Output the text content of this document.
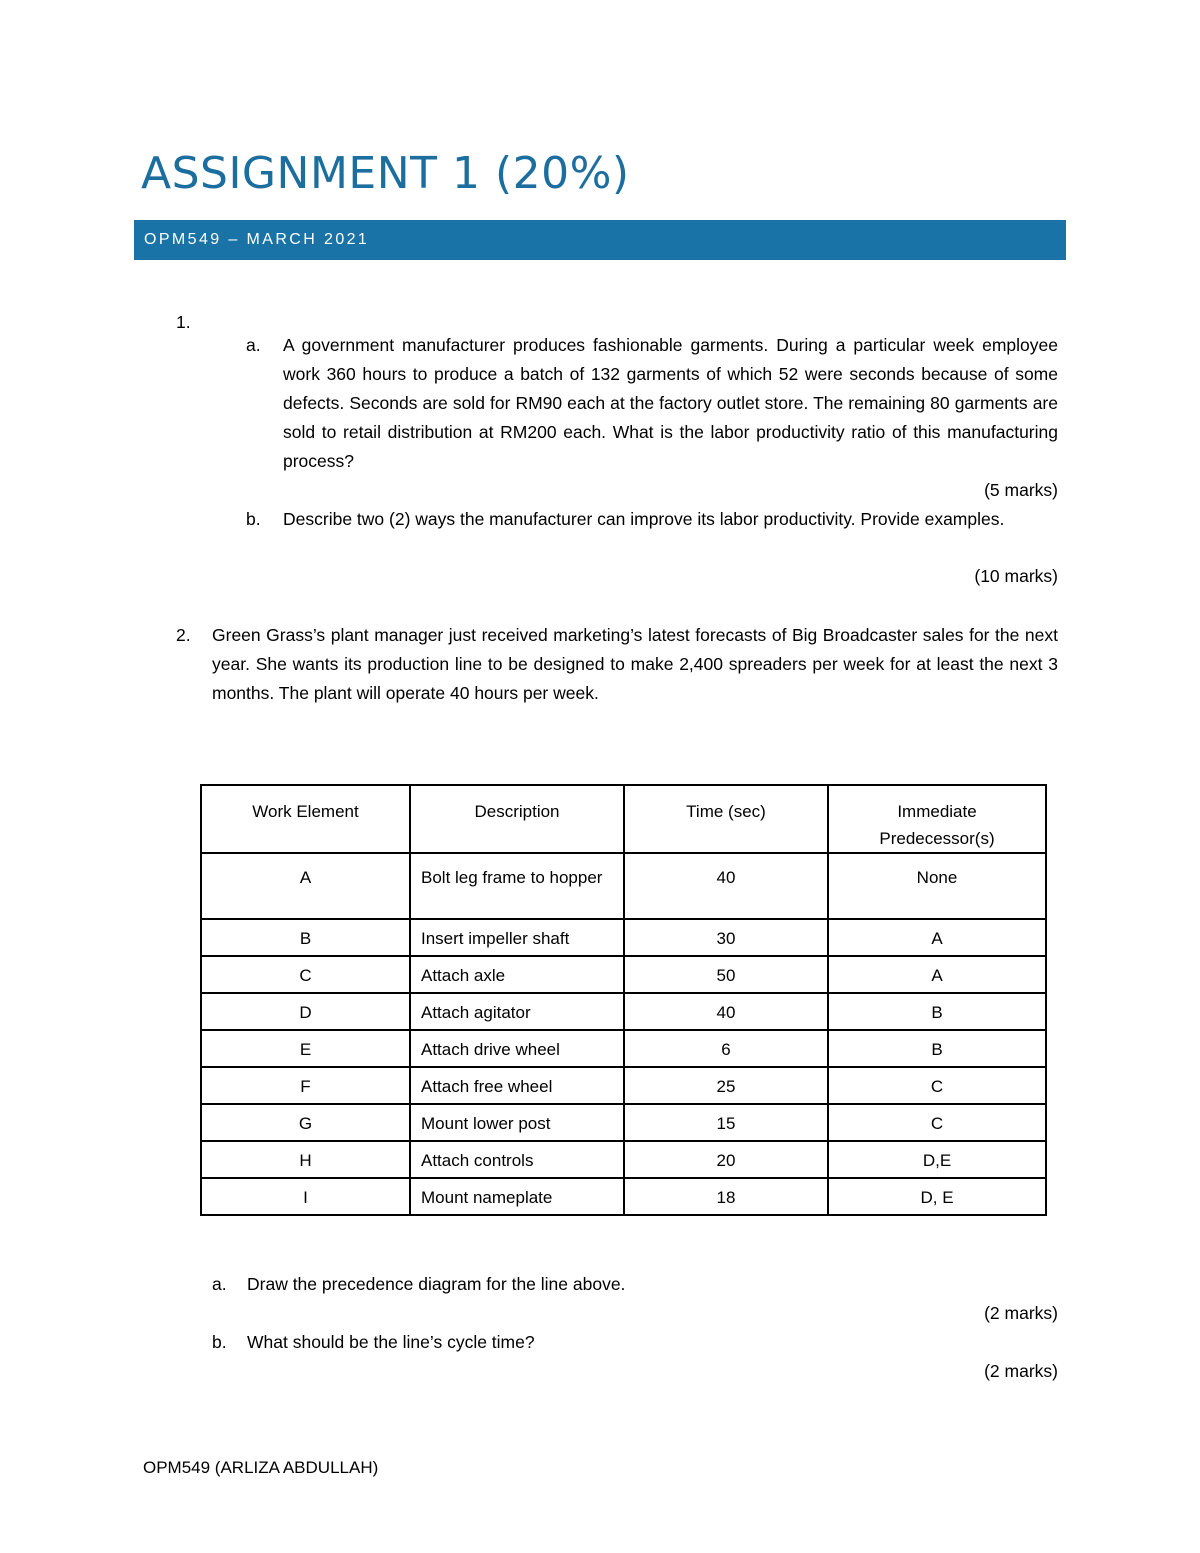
ASSIGNMENT 1 (20%)
OPM549 – MARCH 2021
1.
a. A government manufacturer produces fashionable garments. During a particular week employee work 360 hours to produce a batch of 132 garments of which 52 were seconds because of some defects. Seconds are sold for RM90 each at the factory outlet store. The remaining 80 garments are sold to retail distribution at RM200 each. What is the labor productivity ratio of this manufacturing process?
(5 marks)
b. Describe two (2) ways the manufacturer can improve its labor productivity. Provide examples.
(10 marks)
2. Green Grass’s plant manager just received marketing’s latest forecasts of Big Broadcaster sales for the next year. She wants its production line to be designed to make 2,400 spreaders per week for at least the next 3 months. The plant will operate 40 hours per week.
Work Element	Description	Time (sec)	Immediate Predecessor(s)
A	Bolt leg frame to hopper	40	None
B	Insert impeller shaft	30	A
C	Attach axle	50	A
D	Attach agitator	40	B
E	Attach drive wheel	6	B
F	Attach free wheel	25	C
G	Mount lower post	15	C
H	Attach controls	20	D,E
I	Mount nameplate	18	D, E
a. Draw the precedence diagram for the line above.
(2 marks)
b. What should be the line’s cycle time?
(2 marks)
OPM549 (ARLIZA ABDULLAH)
